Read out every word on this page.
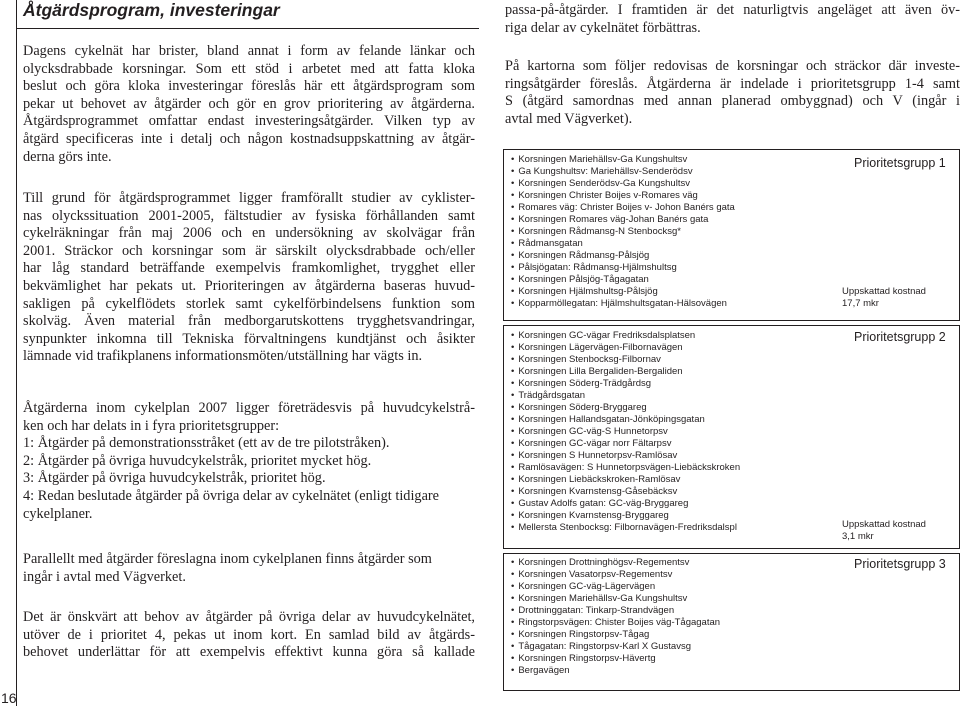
Åtgärdsprogram, investeringar
16

Dagens cykelnät har brister, bland annat i form av felande länkar och

olycksdrabbade korsningar. Som ett stöd i arbetet med att fatta kloka

beslut och göra kloka investeringar föreslås här ett åtgärdsprogram som

pekar ut behovet av åtgärder och gör en grov prioritering av åtgärderna.

Åtgärdsprogrammet omfattar endast investeringsåtgärder. Vilken typ av

åtgärd specificeras inte i detalj och någon kostnadsuppskattning av åtgär-

derna görs inte.

Till grund för åtgärdsprogrammet ligger framförallt studier av cyklister-

nas olyckssituation 2001-2005, fältstudier av fysiska förhållanden samt

cykelräkningar från maj 2006 och en undersökning av skolvägar från

2001. Sträckor och korsningar som är särskilt olycksdrabbade och/eller

har låg standard beträffande exempelvis framkomlighet, trygghet eller

bekvämlighet har pekats ut. Prioriteringen av åtgärderna baseras huvud-

sakligen på cykelflödets storlek samt cykelförbindelsens funktion som

skolväg. Även material från medborgarutskottens trygghetsvandringar,

synpunkter inkomna till Tekniska förvaltningens kundtjänst och åsikter

lämnade vid trafikplanens informationsmöten/utställning har vägts in.

Åtgärderna inom cykelplan 2007 ligger företrädesvis på huvudcykelstrå-

ken och har delats in i fyra prioritetsgrupper:

1: Åtgärder på demonstrationsstråket (ett av de tre pilotstråken).

2: Åtgärder på övriga huvudcykelstråk, prioritet mycket hög.

3: Åtgärder på övriga huvudcykelstråk, prioritet hög.

4: Redan beslutade åtgärder på övriga delar av cykelnätet (enligt tidigare

cykelplaner.

Parallellt med åtgärder föreslagna inom cykelplanen finns åtgärder som

ingår i avtal med Vägverket.

Det är önskvärt att behov av åtgärder på övriga delar av huvudcykelnätet,

utöver de i prioritet 4, pekas ut inom kort. En samlad bild av åtgärds-

behovet underlättar för att exempelvis effektivt kunna göra så kallade

passa-på-åtgärder. I framtiden är det naturligtvis angeläget att även öv-

riga delar av cykelnätet förbättras.

På kartorna som följer redovisas de korsningar och sträckor där investe-

ringsåtgärder föreslås. Åtgärderna är indelade i prioritetsgrupp 1-4 samt

S (åtgärd samordnas med annan planerad ombyggnad) och V (ingår i

avtal med Vägverket).

Prioritetsgrupp 1
• Korsningen Mariehällsv-Ga Kungshultsv
• Ga Kungshultsv: Mariehällsv-Senderödsv
• Korsningen Senderödsv-Ga Kungshultsv
• Korsningen Christer Boijes v-Romares väg
• Romares väg: Christer Boijes v- Johon Banérs gata
• Korsningen Romares väg-Johan Banérs gata
• Korsningen Rådmansg-N Stenbocksg*
• Rådmansgatan
• Korsningen Rådmansg-Pålsjög
• Pålsjögatan: Rådmansg-Hjälmshultsg
• Korsningen Pålsjög-Tågagatan
• Korsningen Hjälmshultsg-Pålsjög
• Kopparmöllegatan: Hjälmshultsgatan-Hälsovägen
Uppskattad kostnad
17,7 mkr
Prioritetsgrupp 2
• Korsningen GC-vägar Fredriksdalsplatsen
• Korsningen Lägervägen-Filbornavägen
• Korsningen Stenbocksg-Filbornav
• Korsningen Lilla Bergaliden-Bergaliden
• Korsningen Söderg-Trädgårdsg
• Trädgårdsgatan
• Korsningen Söderg-Bryggareg
• Korsningen Hallandsgatan-Jönköpingsgatan
• Korsningen GC-väg-S Hunnetorpsv
• Korsningen GC-vägar norr Fältarpsv
• Korsningen S Hunnetorpsv-Ramlösav
• Ramlösavägen: S Hunnetorpsvägen-Liebäckskroken
• Korsningen Liebäckskroken-Ramlösav
• Korsningen Kvarnstensg-Gåsebäcksv
• Gustav Adolfs gatan: GC-väg-Bryggareg
• Korsningen Kvarnstensg-Bryggareg
• Mellersta Stenbocksg: Filbornavägen-Fredriksdalspl	Uppskattad kostnad
3,1 mkr
Prioritetsgrupp 3
• Korsningen Drottninghögsv-Regementsv
• Korsningen Vasatorpsv-Regementsv
• Korsningen GC-väg-Lägervägen
• Korsningen Mariehällsv-Ga Kungshultsv
• Drottninggatan: Tinkarp-Strandvägen
• Ringstorpsvägen: Chister Boijes väg-Tågagatan
• Korsningen Ringstorpsv-Tågag
• Tågagatan: Ringstorpsv-Karl X Gustavsg
• Korsningen Ringstorpsv-Hävertg
• Bergavägen
